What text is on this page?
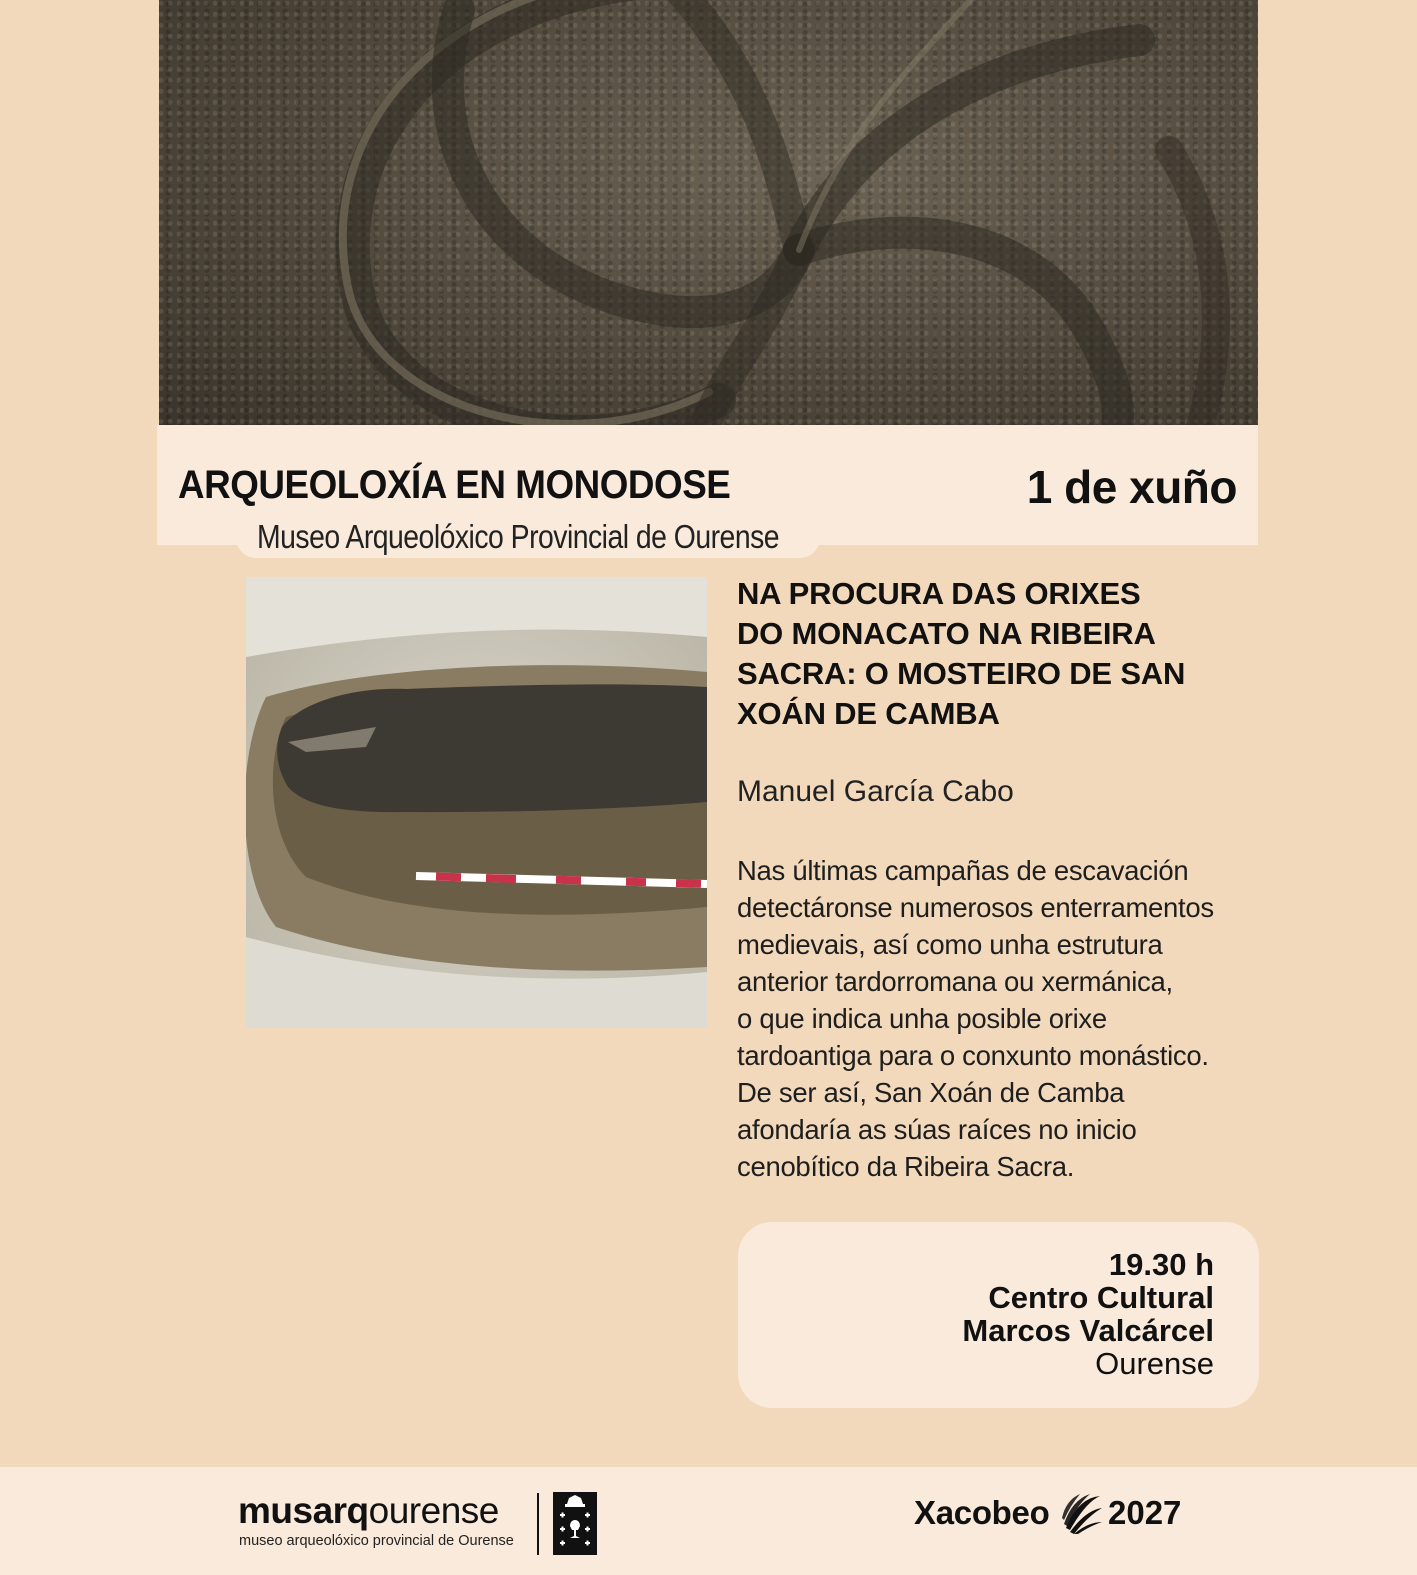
ARQUEOLOXÍA EN MONODOSE	1 de xuño
Museo Arqueolóxico Provincial de Ourense
NA PROCURA DAS ORIXES
DO MONACATO NA RIBEIRA
SACRA: O MOSTEIRO DE SAN
XOÁN DE CAMBA
Manuel García Cabo

Nas últimas campañas de escavación
detectáronse numerosos enterramentos
medievais, así como unha estrutura
anterior tardorromana ou xermánica,
o que indica unha posible orixe
tardoantiga para o conxunto monástico.
De ser así, San Xoán de Camba
afondaría as súas raíces no inicio
cenobítico da Ribeira Sacra.

19.30 h
Centro Cultural
Marcos Valcárcel
Ourense
musarqourense
museo arqueolóxico provincial de Ourense
Xacobeo 2027
